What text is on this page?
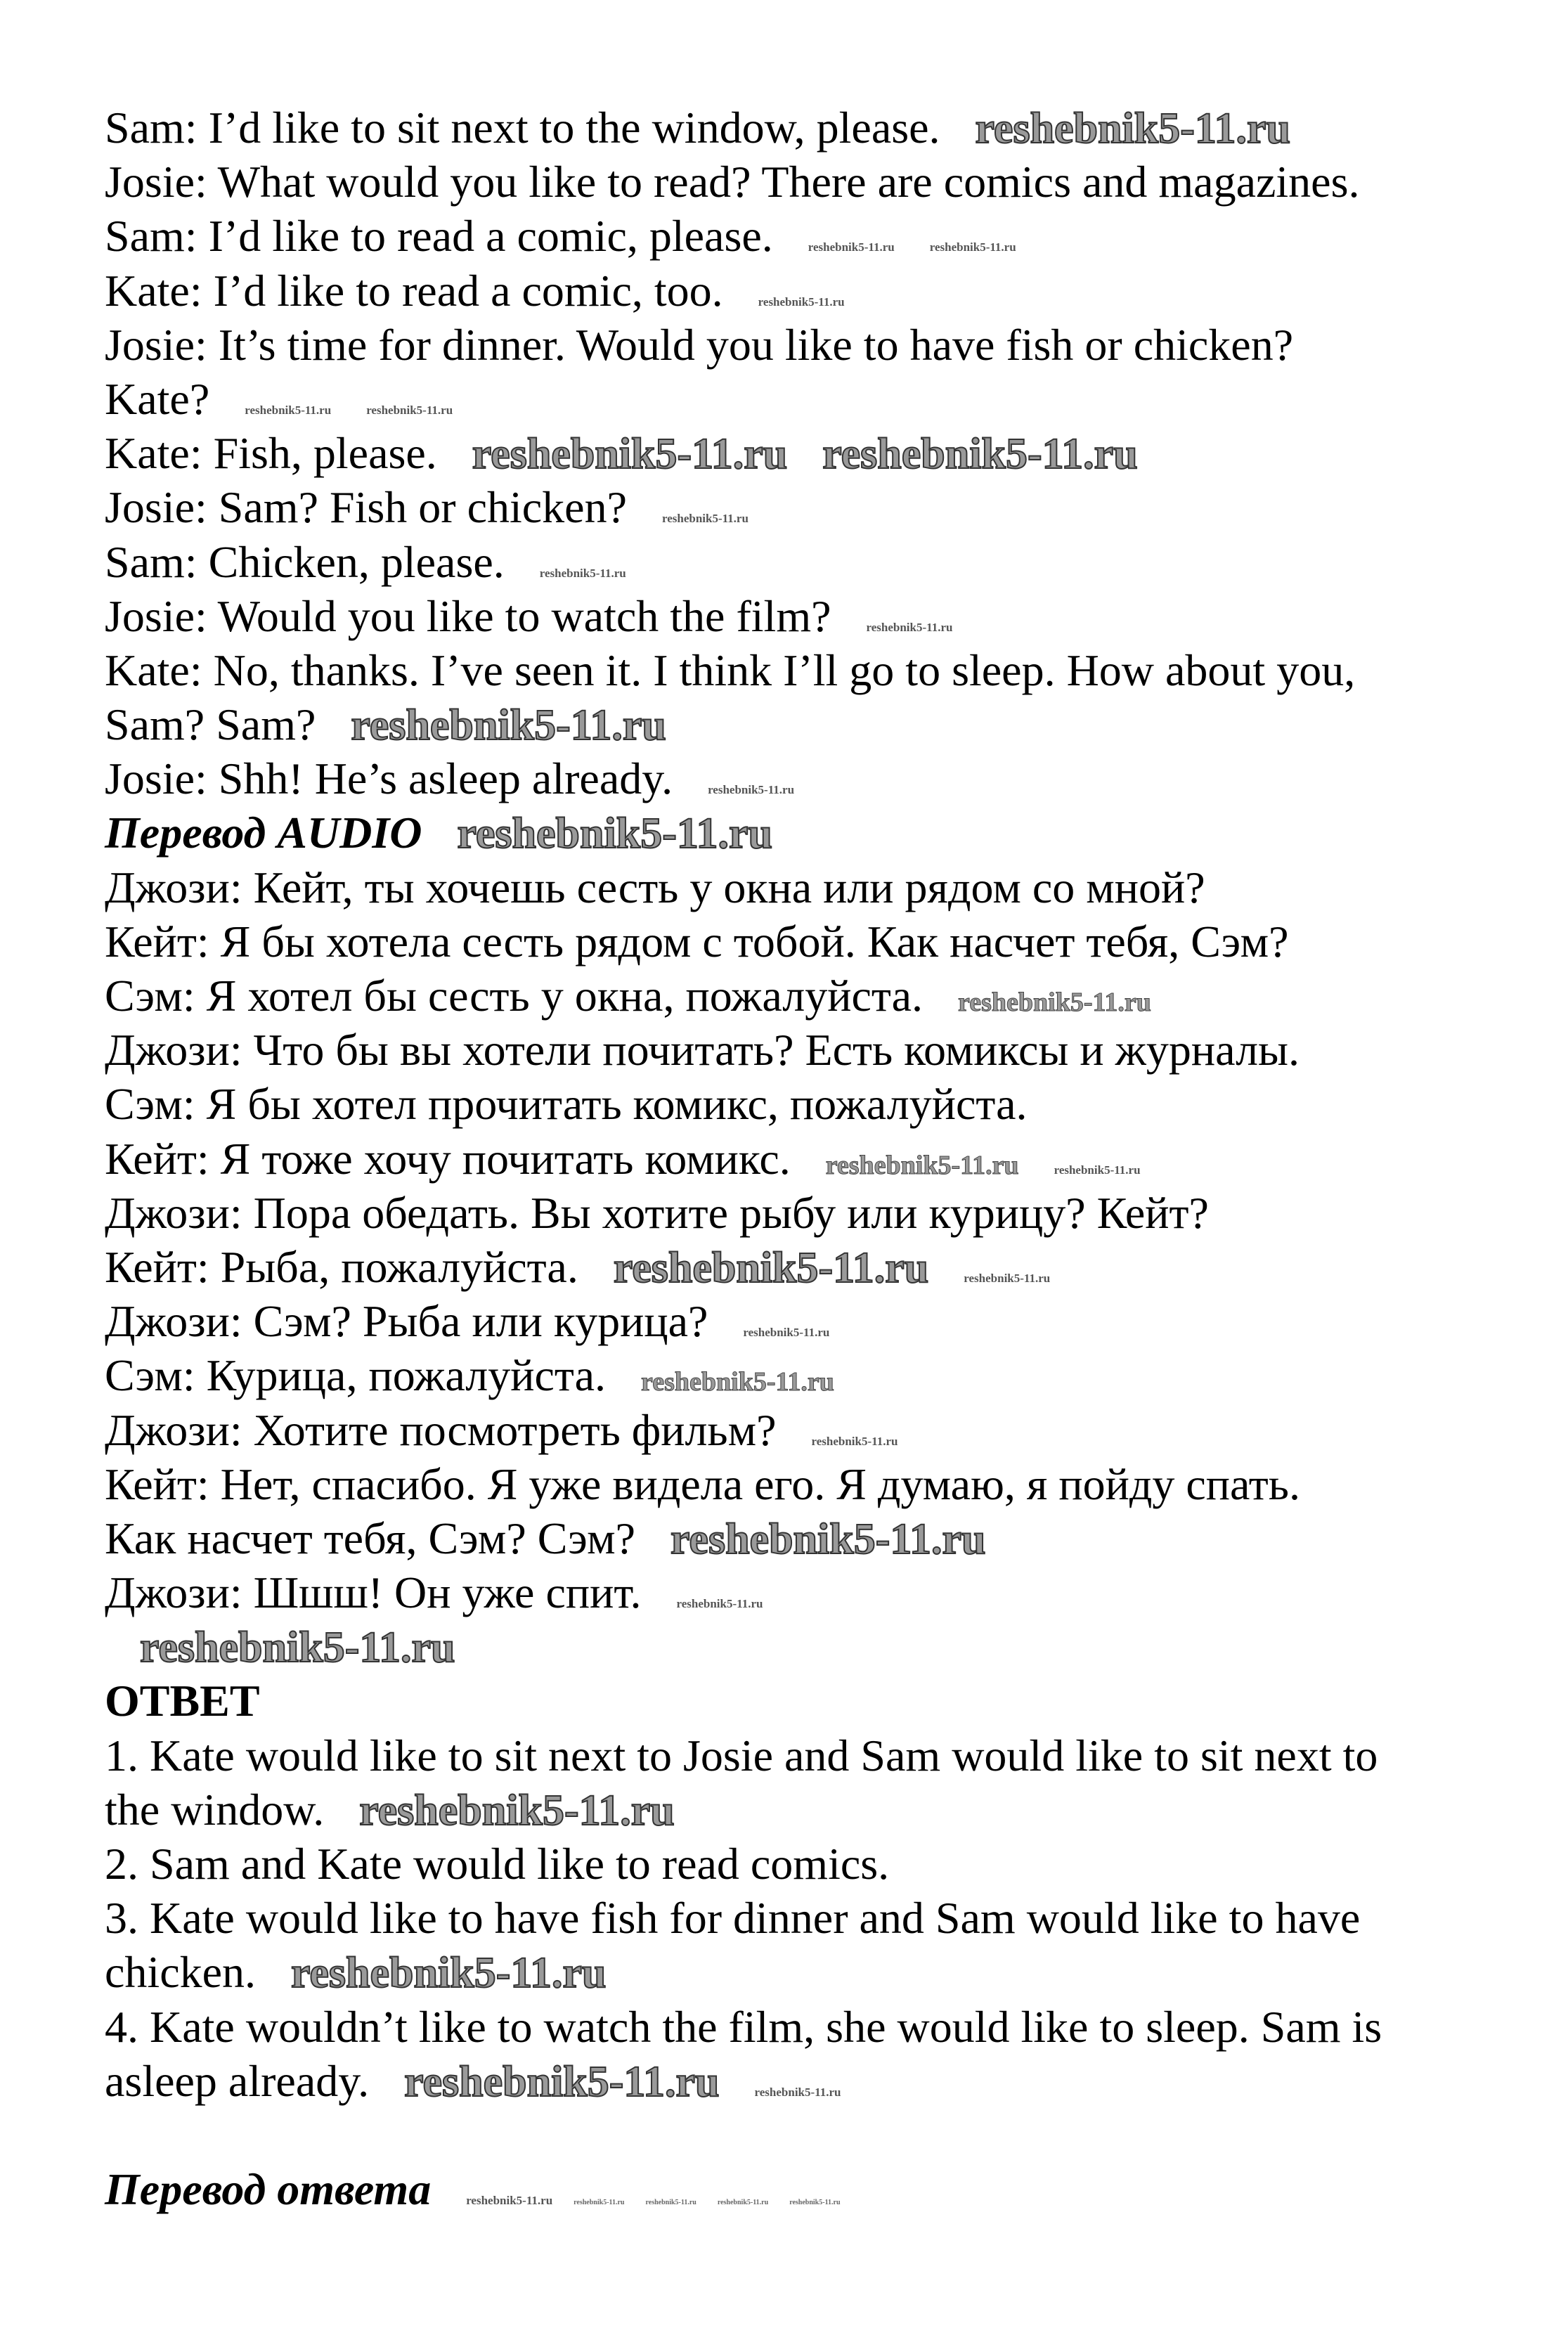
Sam: I’d like to sit next to the window, please. reshebnik5-11.ru
Josie: What would you like to read? There are comics and magazines.
Sam: I’d like to read a comic, please.	reshebnik5-11.ru	reshebnik5-11.ru
Kate: I’d like to read a comic, too.	reshebnik5-11.ru
Josie: It’s time for dinner. Would you like to have fish or chicken?
Kate?	reshebnik5-11.ru	reshebnik5-11.ru
Kate: Fish, please. reshebnik5-11.ru reshebnik5-11.ru
Josie: Sam? Fish or chicken?	reshebnik5-11.ru
Sam: Chicken, please.	reshebnik5-11.ru
Josie: Would you like to watch the film?	reshebnik5-11.ru
Kate: No, thanks. I’ve seen it. I think I’ll go to sleep. How about you,
Sam? Sam? reshebnik5-11.ru
Josie: Shh! He’s asleep already.	reshebnik5-11.ru
Перевод AUDIO reshebnik5-11.ru
Джози: Кейт, ты хочешь сесть у окна или рядом со мной?
Кейт: Я бы хотела сесть рядом с тобой. Как насчет тебя, Сэм?
Сэм: Я хотел бы сесть у окна, пожалуйста. reshebnik5-11.ru
Джози: Что бы вы хотели почитать? Есть комиксы и журналы.
Сэм: Я бы хотел прочитать комикс, пожалуйста.
Кейт: Я тоже хочу почитать комикс. reshebnik5-11.ru	reshebnik5-11.ru
Джози: Пора обедать. Вы хотите рыбу или курицу? Кейт?
Кейт: Рыба, пожалуйста. reshebnik5-11.ru	reshebnik5-11.ru
Джози: Сэм? Рыба или курица?	reshebnik5-11.ru
Сэм: Курица, пожалуйста. reshebnik5-11.ru
Джози: Хотите посмотреть фильм?	reshebnik5-11.ru
Кейт: Нет, спасибо. Я уже видела его. Я думаю, я пойду спать.
Как насчет тебя, Сэм? Сэм? reshebnik5-11.ru
Джози: Шшш! Он уже спит.	reshebnik5-11.ru
reshebnik5-11.ru
ОТВЕТ
1. Kate would like to sit next to Josie and Sam would like to sit next to
the window. reshebnik5-11.ru
2. Sam and Kate would like to read comics.
3. Kate would like to have fish for dinner and Sam would like to have
chicken. reshebnik5-11.ru
4. Kate wouldn’t like to watch the film, she would like to sleep. Sam is
asleep already. reshebnik5-11.ru	reshebnik5-11.ru
Перевод ответа	reshebnik5-11.ru	reshebnik5-11.ru	reshebnik5-11.ru	reshebnik5-11.ru	reshebnik5-11.ru
